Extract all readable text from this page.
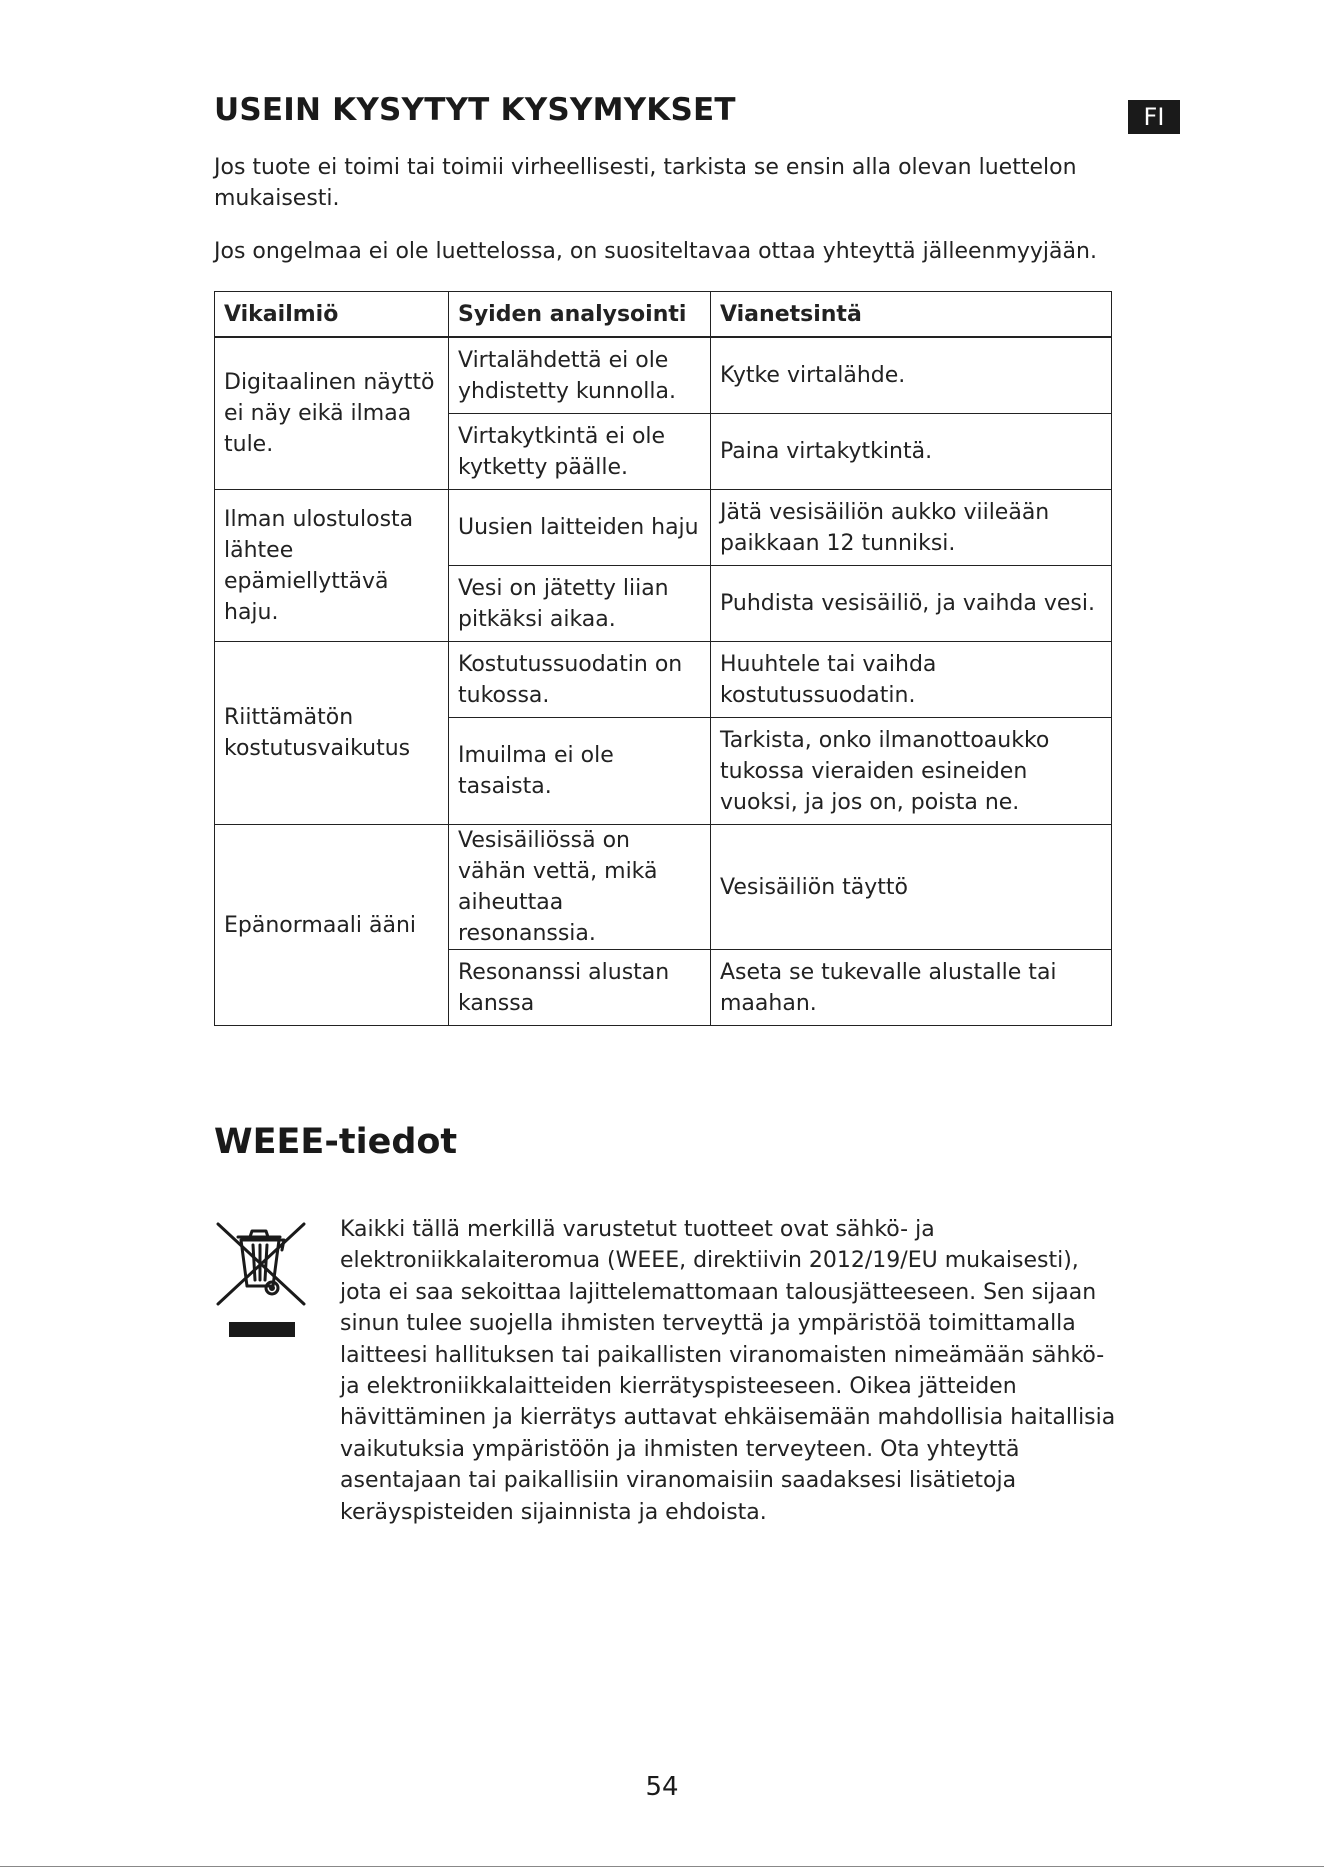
FI
USEIN KYSYTYT KYSYMYKSET

Jos tuote ei toimi tai toimii virheellisesti, tarkista se ensin alla olevan luettelon mukaisesti.

Jos ongelmaa ei ole luettelossa, on suositeltavaa ottaa yhteyttä jälleenmyyjään.

Vikailmiö	Syiden analysointi	Vianetsintä
Digitaalinen näyttö ei näy eikä ilmaa tule.	Virtalähdettä ei ole yhdistetty kunnolla.	Kytke virtalähde.
	Virtakytkintä ei ole kytketty päälle.	Paina virtakytkintä.
Ilman ulostulosta lähtee epämiellyttävä haju.	Uusien laitteiden haju	Jätä vesisäiliön aukko viileään paikkaan 12 tunniksi.
	Vesi on jätetty liian pitkäksi aikaa.	Puhdista vesisäiliö, ja vaihda vesi.
Riittämätön kostutusvaikutus	Kostutussuodatin on tukossa.	Huuhtele tai vaihda kostutussuodatin.
	Imuilma ei ole tasaista.	Tarkista, onko ilmanottoaukko tukossa vieraiden esineiden vuoksi, ja jos on, poista ne.
Epänormaali ääni	Vesisäiliössä on vähän vettä, mikä aiheuttaa resonanssia.	Vesisäiliön täyttö
	Resonanssi alustan kanssa	Aseta se tukevalle alustalle tai maahan.
WEEE-tiedot

Kaikki tällä merkillä varustetut tuotteet ovat sähkö- ja elektroniikkalaiteromua (WEEE, direktiivin 2012/19/EU mukaisesti), jota ei saa sekoittaa lajittelemattomaan talousjätteeseen. Sen sijaan sinun tulee suojella ihmisten terveyttä ja ympäristöä toimittamalla laitteesi hallituksen tai paikallisten viranomaisten nimeämään sähkö- ja elektroniikkalaitteiden kierrätyspisteeseen. Oikea jätteiden hävittäminen ja kierrätys auttavat ehkäisemään mahdollisia haitallisia vaikutuksia ympäristöön ja ihmisten terveyteen. Ota yhteyttä asentajaan tai paikallisiin viranomaisiin saadaksesi lisätietoja keräyspisteiden sijainnista ja ehdoista.

54
